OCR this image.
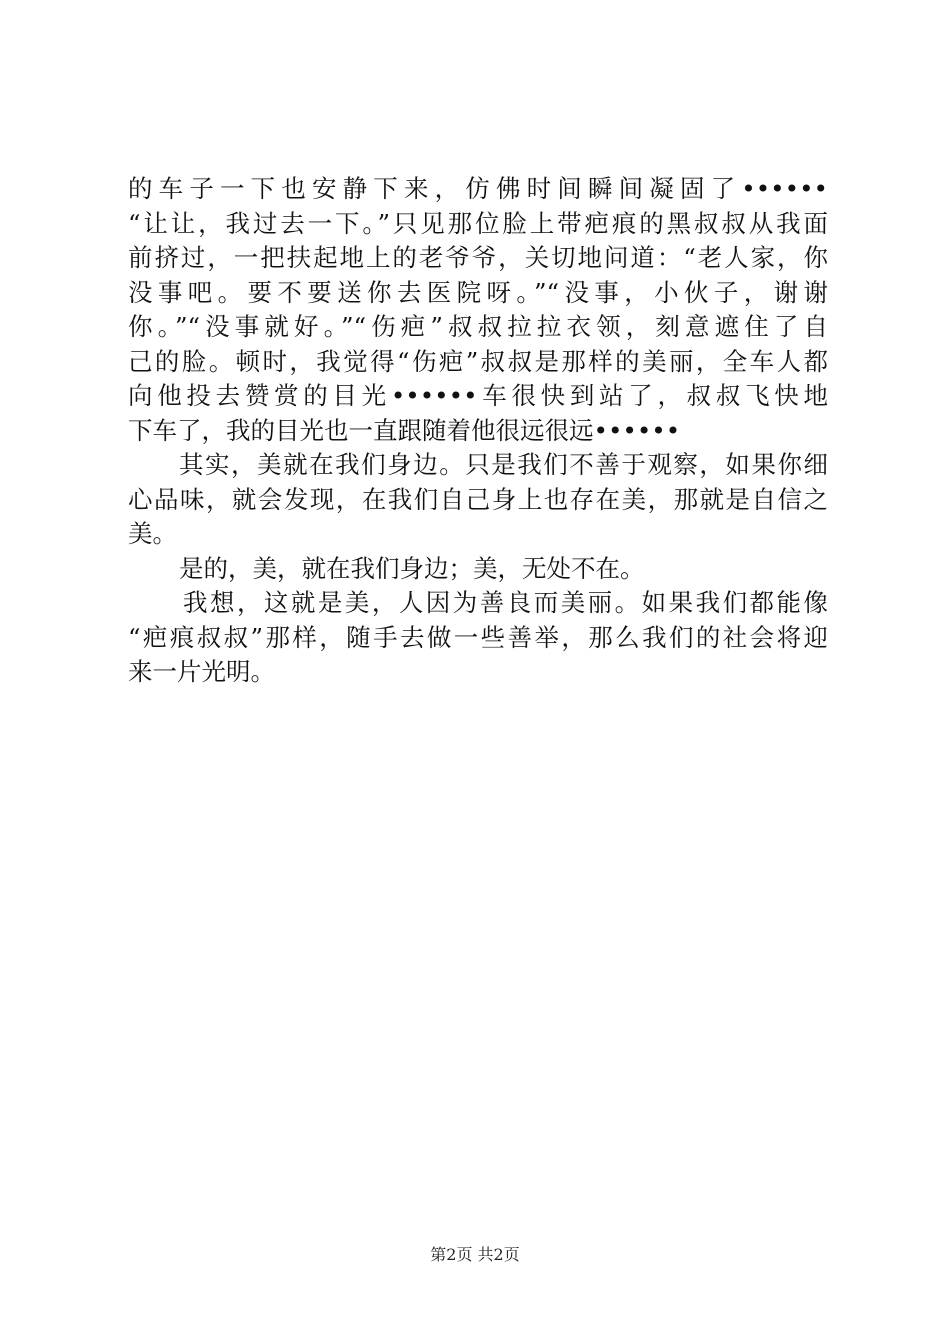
的车子一下也安静下来，仿佛时间瞬间凝固了••••••
“让让，我过去一下。”只见那位脸上带疤痕的黑叔叔从我面
前挤过，一把扶起地上的老爷爷，关切地问道：“老人家，你
没事吧。要不要送你去医院呀。”“没事，小伙子，谢谢
你。”“没事就好。”“伤疤”叔叔拉拉衣领，刻意遮住了自
己的脸。顿时，我觉得“伤疤”叔叔是那样的美丽，全车人都
向他投去赞赏的目光••••••车很快到站了，叔叔飞快地
下车了，我的目光也一直跟随着他很远很远••••••
其实，美就在我们身边。只是我们不善于观察，如果你细
心品味，就会发现，在我们自己身上也存在美，那就是自信之
美。
是的，美，就在我们身边；美，无处不在。
我想，这就是美，人因为善良而美丽。如果我们都能像
“疤痕叔叔”那样，随手去做一些善举，那么我们的社会将迎
来一片光明。
第2页 共2页
